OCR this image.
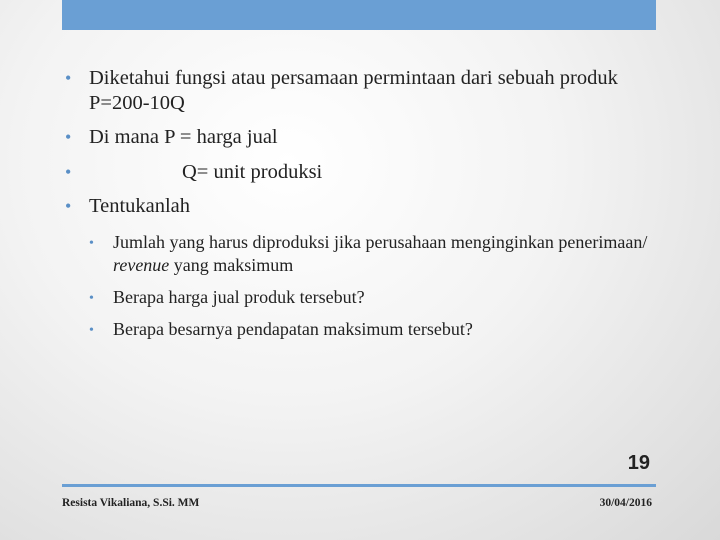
• Diketahui fungsi atau persamaan permintaan dari sebuah produk P=200-10Q
• Di mana P = harga jual
•	Q= unit produksi
• Tentukanlah
• Jumlah yang harus diproduksi jika perusahaan menginginkan penerimaan/ revenue yang maksimum
• Berapa harga jual produk tersebut?
• Berapa besarnya pendapatan maksimum tersebut?
19
Resista Vikaliana, S.Si. MM	30/04/2016
